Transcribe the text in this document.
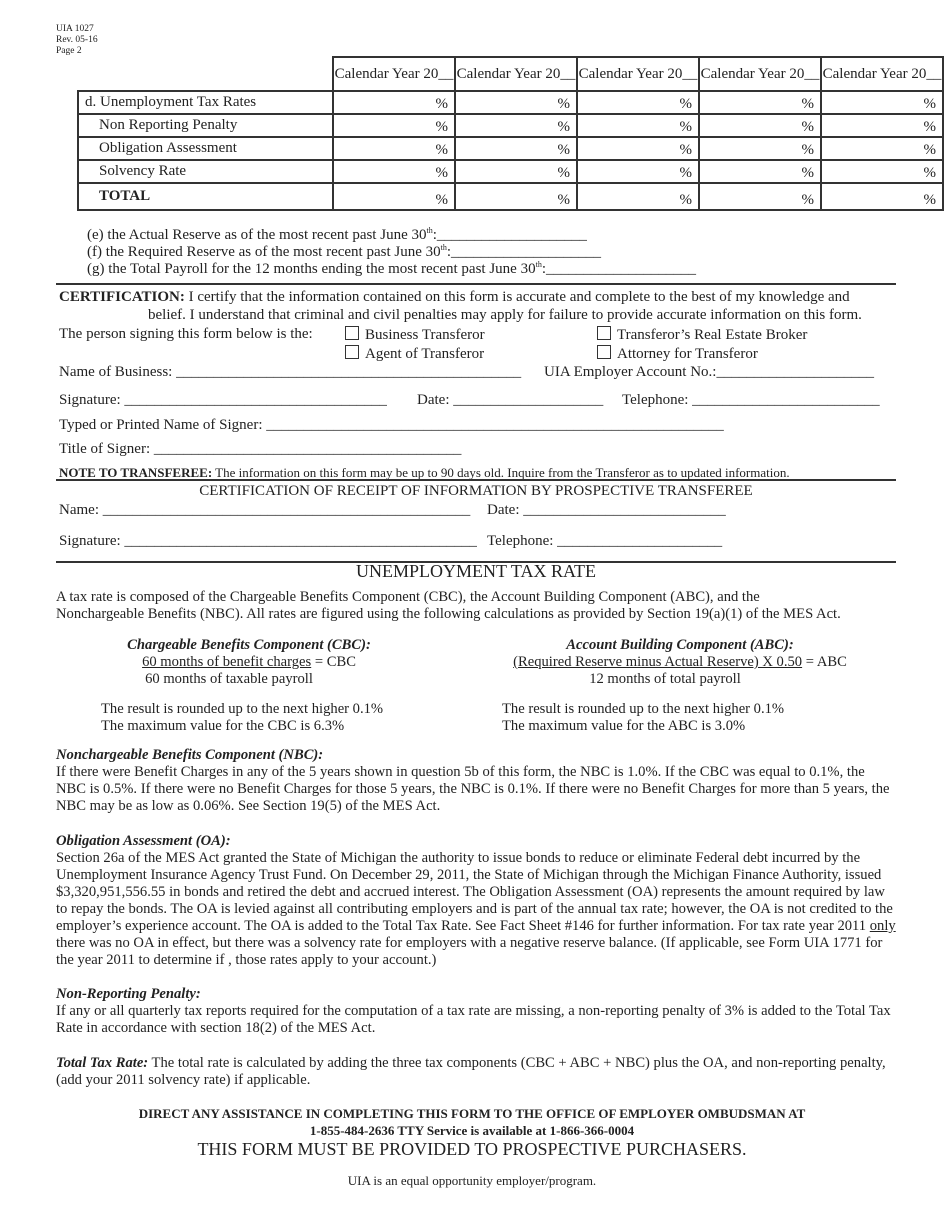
UIA 1027
Rev. 05-16
Page 2
	Calendar Year 20__	Calendar Year 20__	Calendar Year 20__	Calendar Year 20__	Calendar Year 20__
d. Unemployment Tax Rates	%	%	%	%	%
Non Reporting Penalty	%	%	%	%	%
Obligation Assessment	%	%	%	%	%
Solvency Rate	%	%	%	%	%
TOTAL	%	%	%	%	%
(e) the Actual Reserve as of the most recent past June 30th:____________________
(f) the Required Reserve as of the most recent past June 30th:____________________
(g) the Total Payroll for the 12 months ending the most recent past June 30th:____________________
CERTIFICATION: I certify that the information contained on this form is accurate and complete to the best of my knowledge and
belief. I understand that criminal and civil penalties may apply for failure to provide accurate information on this form.
The person signing this form below is the:	Business Transferor	Transferor’s Real Estate Broker
Agent of Transferor	Attorney for Transferor
Name of Business: ______________________________________________ UIA Employer Account No.:_____________________
Signature: ___________________________________ Date: ____________________ Telephone: _________________________
Typed or Printed Name of Signer: _____________________________________________________________
Title of Signer: _________________________________________
NOTE TO TRANSFEREE: The information on this form may be up to 90 days old. Inquire from the Transferor as to updated information.
CERTIFICATION OF RECEIPT OF INFORMATION BY PROSPECTIVE TRANSFEREE
Name: _________________________________________________ Date: ___________________________
Signature: _______________________________________________ Telephone: ______________________
UNEMPLOYMENT TAX RATE
A tax rate is composed of the Chargeable Benefits Component (CBC), the Account Building Component (ABC), and the
Nonchargeable Benefits (NBC). All rates are figured using the following calculations as provided by Section 19(a)(1) of the MES Act.
Chargeable Benefits Component (CBC):
60 months of benefit charges = CBC
60 months of taxable payroll
The result is rounded up to the next higher 0.1%
The maximum value for the CBC is 6.3%
Account Building Component (ABC):
(Required Reserve minus Actual Reserve) X 0.50 = ABC
12 months of total payroll
The result is rounded up to the next higher 0.1%
The maximum value for the ABC is 3.0%
Nonchargeable Benefits Component (NBC):
If there were Benefit Charges in any of the 5 years shown in question 5b of this form, the NBC is 1.0%. If the CBC was equal to 0.1%, the NBC is 0.5%. If there were no Benefit Charges for those 5 years, the NBC is 0.1%. If there were no Benefit Charges for more than 5 years, the NBC may be as low as 0.06%. See Section 19(5) of the MES Act.
Obligation Assessment (OA):
Section 26a of the MES Act granted the State of Michigan the authority to issue bonds to reduce or eliminate Federal debt incurred by the Unemployment Insurance Agency Trust Fund. On December 29, 2011, the State of Michigan through the Michigan Finance Authority, issued $3,320,951,556.55 in bonds and retired the debt and accrued interest. The Obligation Assessment (OA) represents the amount required by law to repay the bonds. The OA is levied against all contributing employers and is part of the annual tax rate; however, the OA is not credited to the employer’s experience account. The OA is added to the Total Tax Rate. See Fact Sheet #146 for further information. For tax rate year 2011 only there was no OA in effect, but there was a solvency rate for employers with a negative reserve balance. (If applicable, see Form UIA 1771 for the year 2011 to determine if , those rates apply to your account.)
Non-Reporting Penalty:
If any or all quarterly tax reports required for the computation of a tax rate are missing, a non-reporting penalty of 3% is added to the Total Tax Rate in accordance with section 18(2) of the MES Act.
Total Tax Rate: The total rate is calculated by adding the three tax components (CBC + ABC + NBC) plus the OA, and non-reporting penalty, (add your 2011 solvency rate) if applicable.
DIRECT ANY ASSISTANCE IN COMPLETING THIS FORM TO THE OFFICE OF EMPLOYER OMBUDSMAN AT
1-855-484-2636 TTY Service is available at 1-866-366-0004
THIS FORM MUST BE PROVIDED TO PROSPECTIVE PURCHASERS.
UIA is an equal opportunity employer/program.
